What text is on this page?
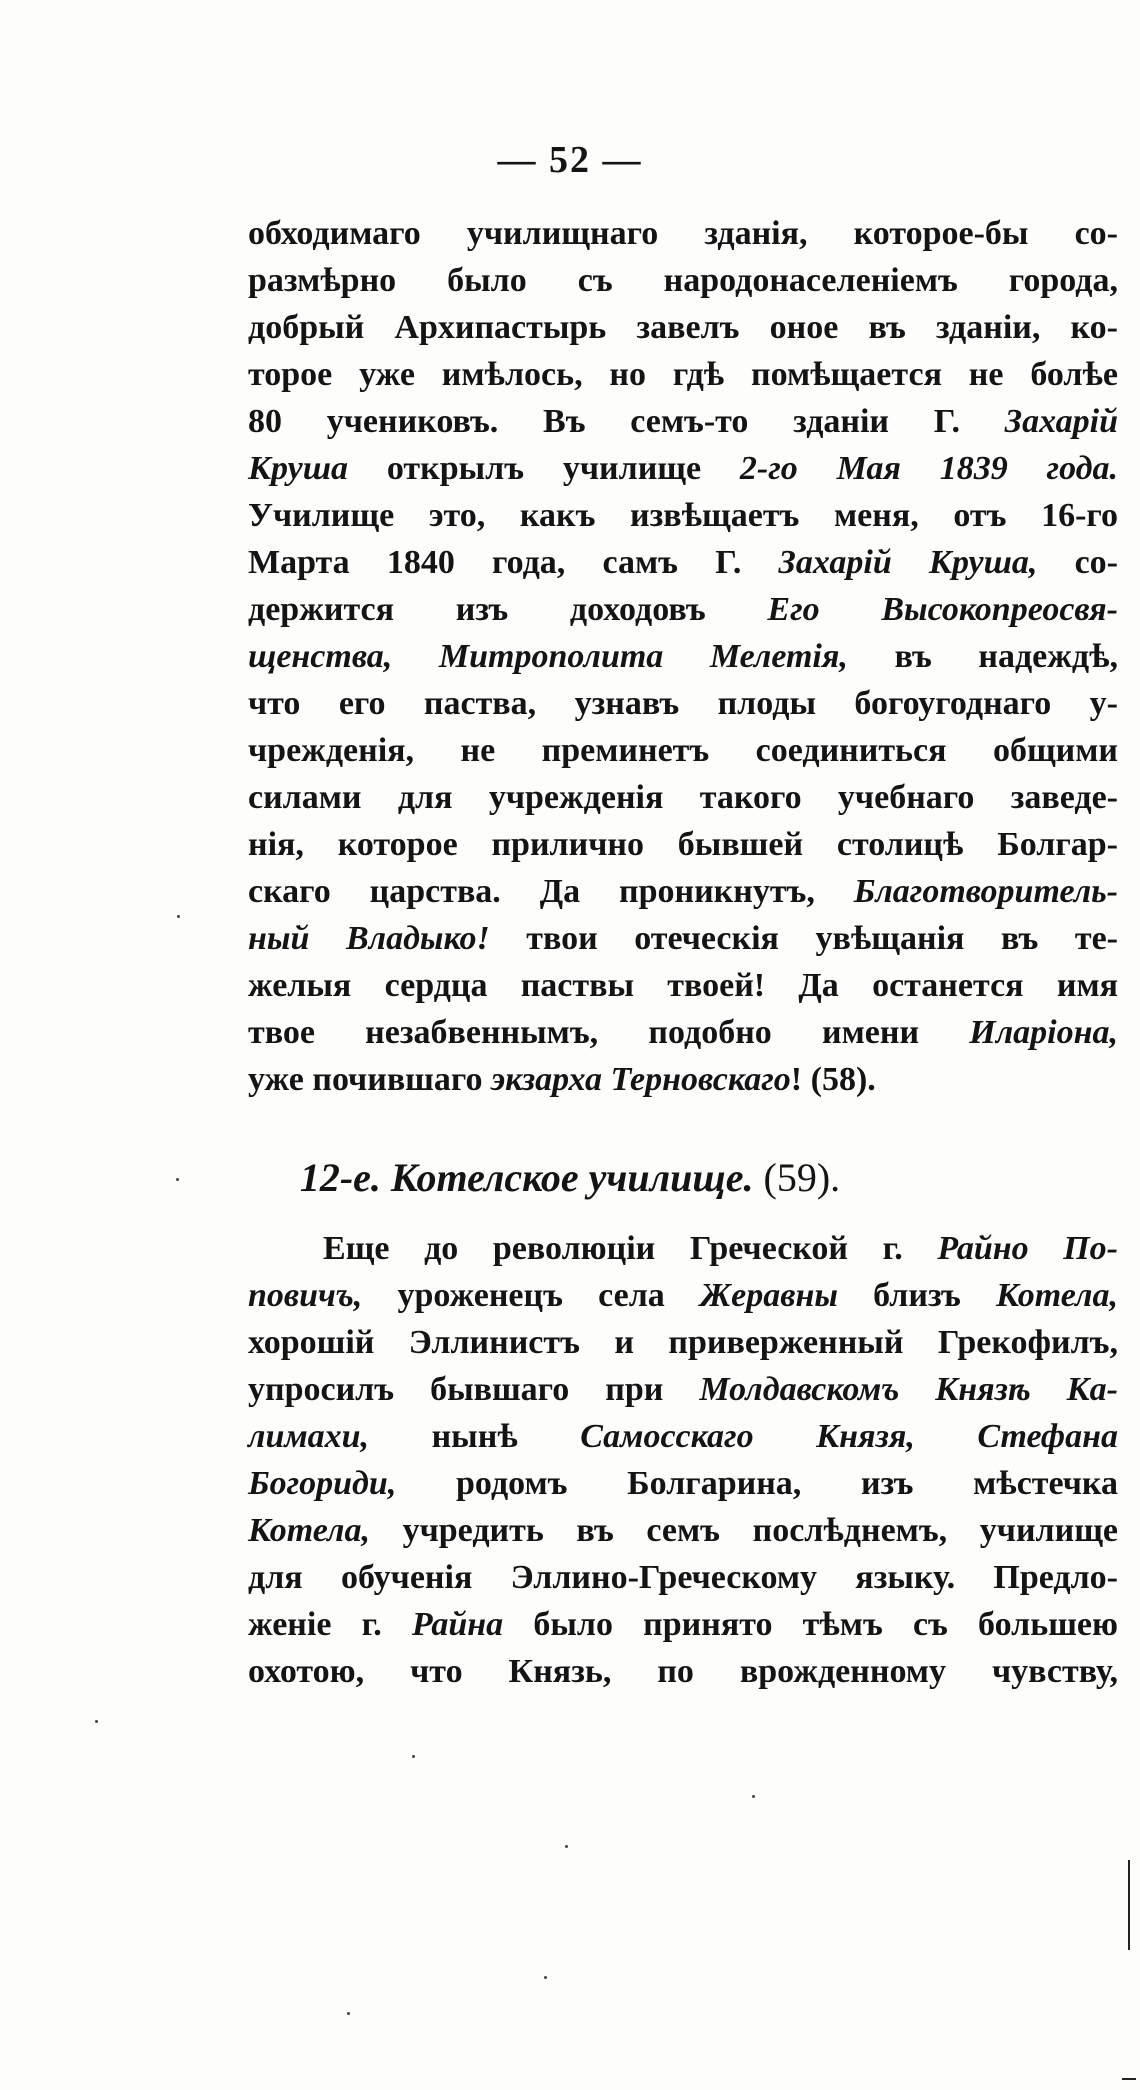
— 52 —
обходимаго училищнаго зданія, которое-бы со-
размѣрно было съ народонаселеніемъ города,
добрый Архипастырь завелъ оное въ зданіи, ко-
торое уже имѣлось, но гдѣ помѣщается не болѣе
80 учениковъ. Въ семъ-то зданіи Г. Захарій
Круша открылъ училище 2-го Мая 1839 года.
Училище это, какъ извѣщаетъ меня, отъ 16-го
Марта 1840 года, самъ Г. Захарій Круша, со-
держится изъ доходовъ Его Высокопреосвя-
щенства, Митрополита Мелетія, въ надеждѣ,
что его паства, узнавъ плоды богоугоднаго у-
чрежденія, не преминетъ соединиться общими
силами для учрежденія такого учебнаго заведе-
нія, которое прилично бывшей столицѣ Болгар-
скаго царства. Да проникнутъ, Благотворитель-
ный Владыко! твои отеческія увѣщанія въ те-
желыя сердца паствы твоей! Да останется имя
твое незабвеннымъ, подобно имени Иларіона,
уже почившаго экзарха Терновскаго! (58).
12-е. Котелское училище. (59).
Еще до революціи Греческой г. Райно По-
повичъ, уроженецъ села Жеравны близъ Котела,
хорошій Эллинистъ и приверженный Грекофилъ,
упросилъ бывшаго при Молдавскомъ Князѣ Ка-
лимахи, нынѣ Самосскаго Князя, Стефана
Богориди, родомъ Болгарина, изъ мѣстечка
Котела, учредить въ семъ послѣднемъ, училище
для обученія Эллино-Греческому языку. Предло-
женіе г. Райна было принято тѣмъ съ большею
охотою, что Князь, по врожденному чувству,
